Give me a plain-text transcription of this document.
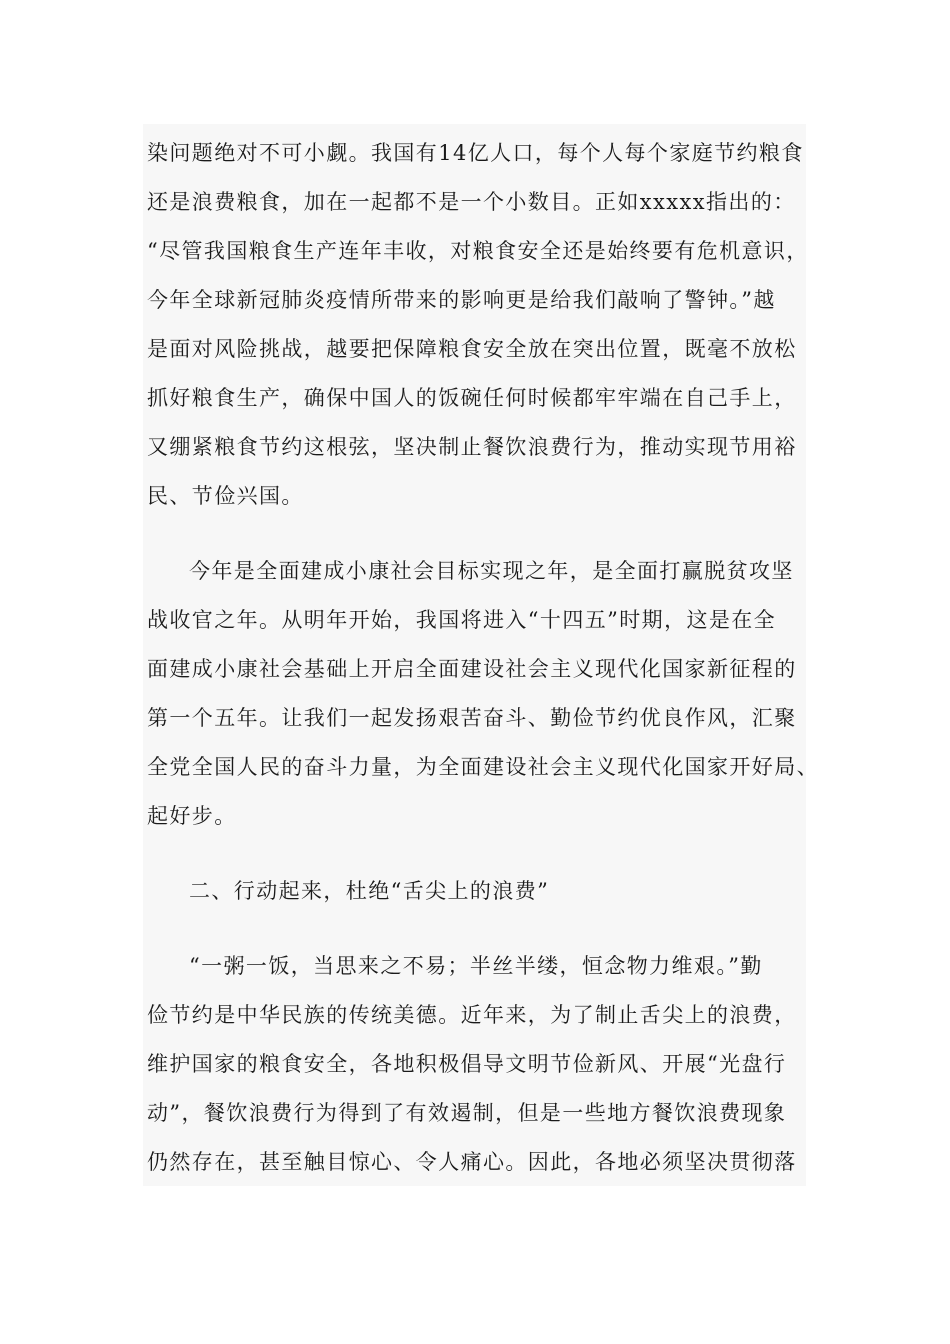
染问题绝对不可小觑。我国有14亿人口，每个人每个家庭节约粮食
还是浪费粮食，加在一起都不是一个小数目。正如xxxxx指出的：
“尽管我国粮食生产连年丰收，对粮食安全还是始终要有危机意识，
今年全球新冠肺炎疫情所带来的影响更是给我们敲响了警钟。”越
是面对风险挑战，越要把保障粮食安全放在突出位置，既毫不放松
抓好粮食生产，确保中国人的饭碗任何时候都牢牢端在自己手上，
又绷紧粮食节约这根弦，坚决制止餐饮浪费行为，推动实现节用裕
民、节俭兴国。
今年是全面建成小康社会目标实现之年，是全面打赢脱贫攻坚
战收官之年。从明年开始，我国将进入“十四五”时期，这是在全
面建成小康社会基础上开启全面建设社会主义现代化国家新征程的
第一个五年。让我们一起发扬艰苦奋斗、勤俭节约优良作风，汇聚
全党全国人民的奋斗力量，为全面建设社会主义现代化国家开好局、
起好步。
二、行动起来，杜绝“舌尖上的浪费”
“一粥一饭，当思来之不易；半丝半缕，恒念物力维艰。”勤
俭节约是中华民族的传统美德。近年来，为了制止舌尖上的浪费，
维护国家的粮食安全，各地积极倡导文明节俭新风、开展“光盘行
动”，餐饮浪费行为得到了有效遏制，但是一些地方餐饮浪费现象
仍然存在，甚至触目惊心、令人痛心。因此，各地必须坚决贯彻落
